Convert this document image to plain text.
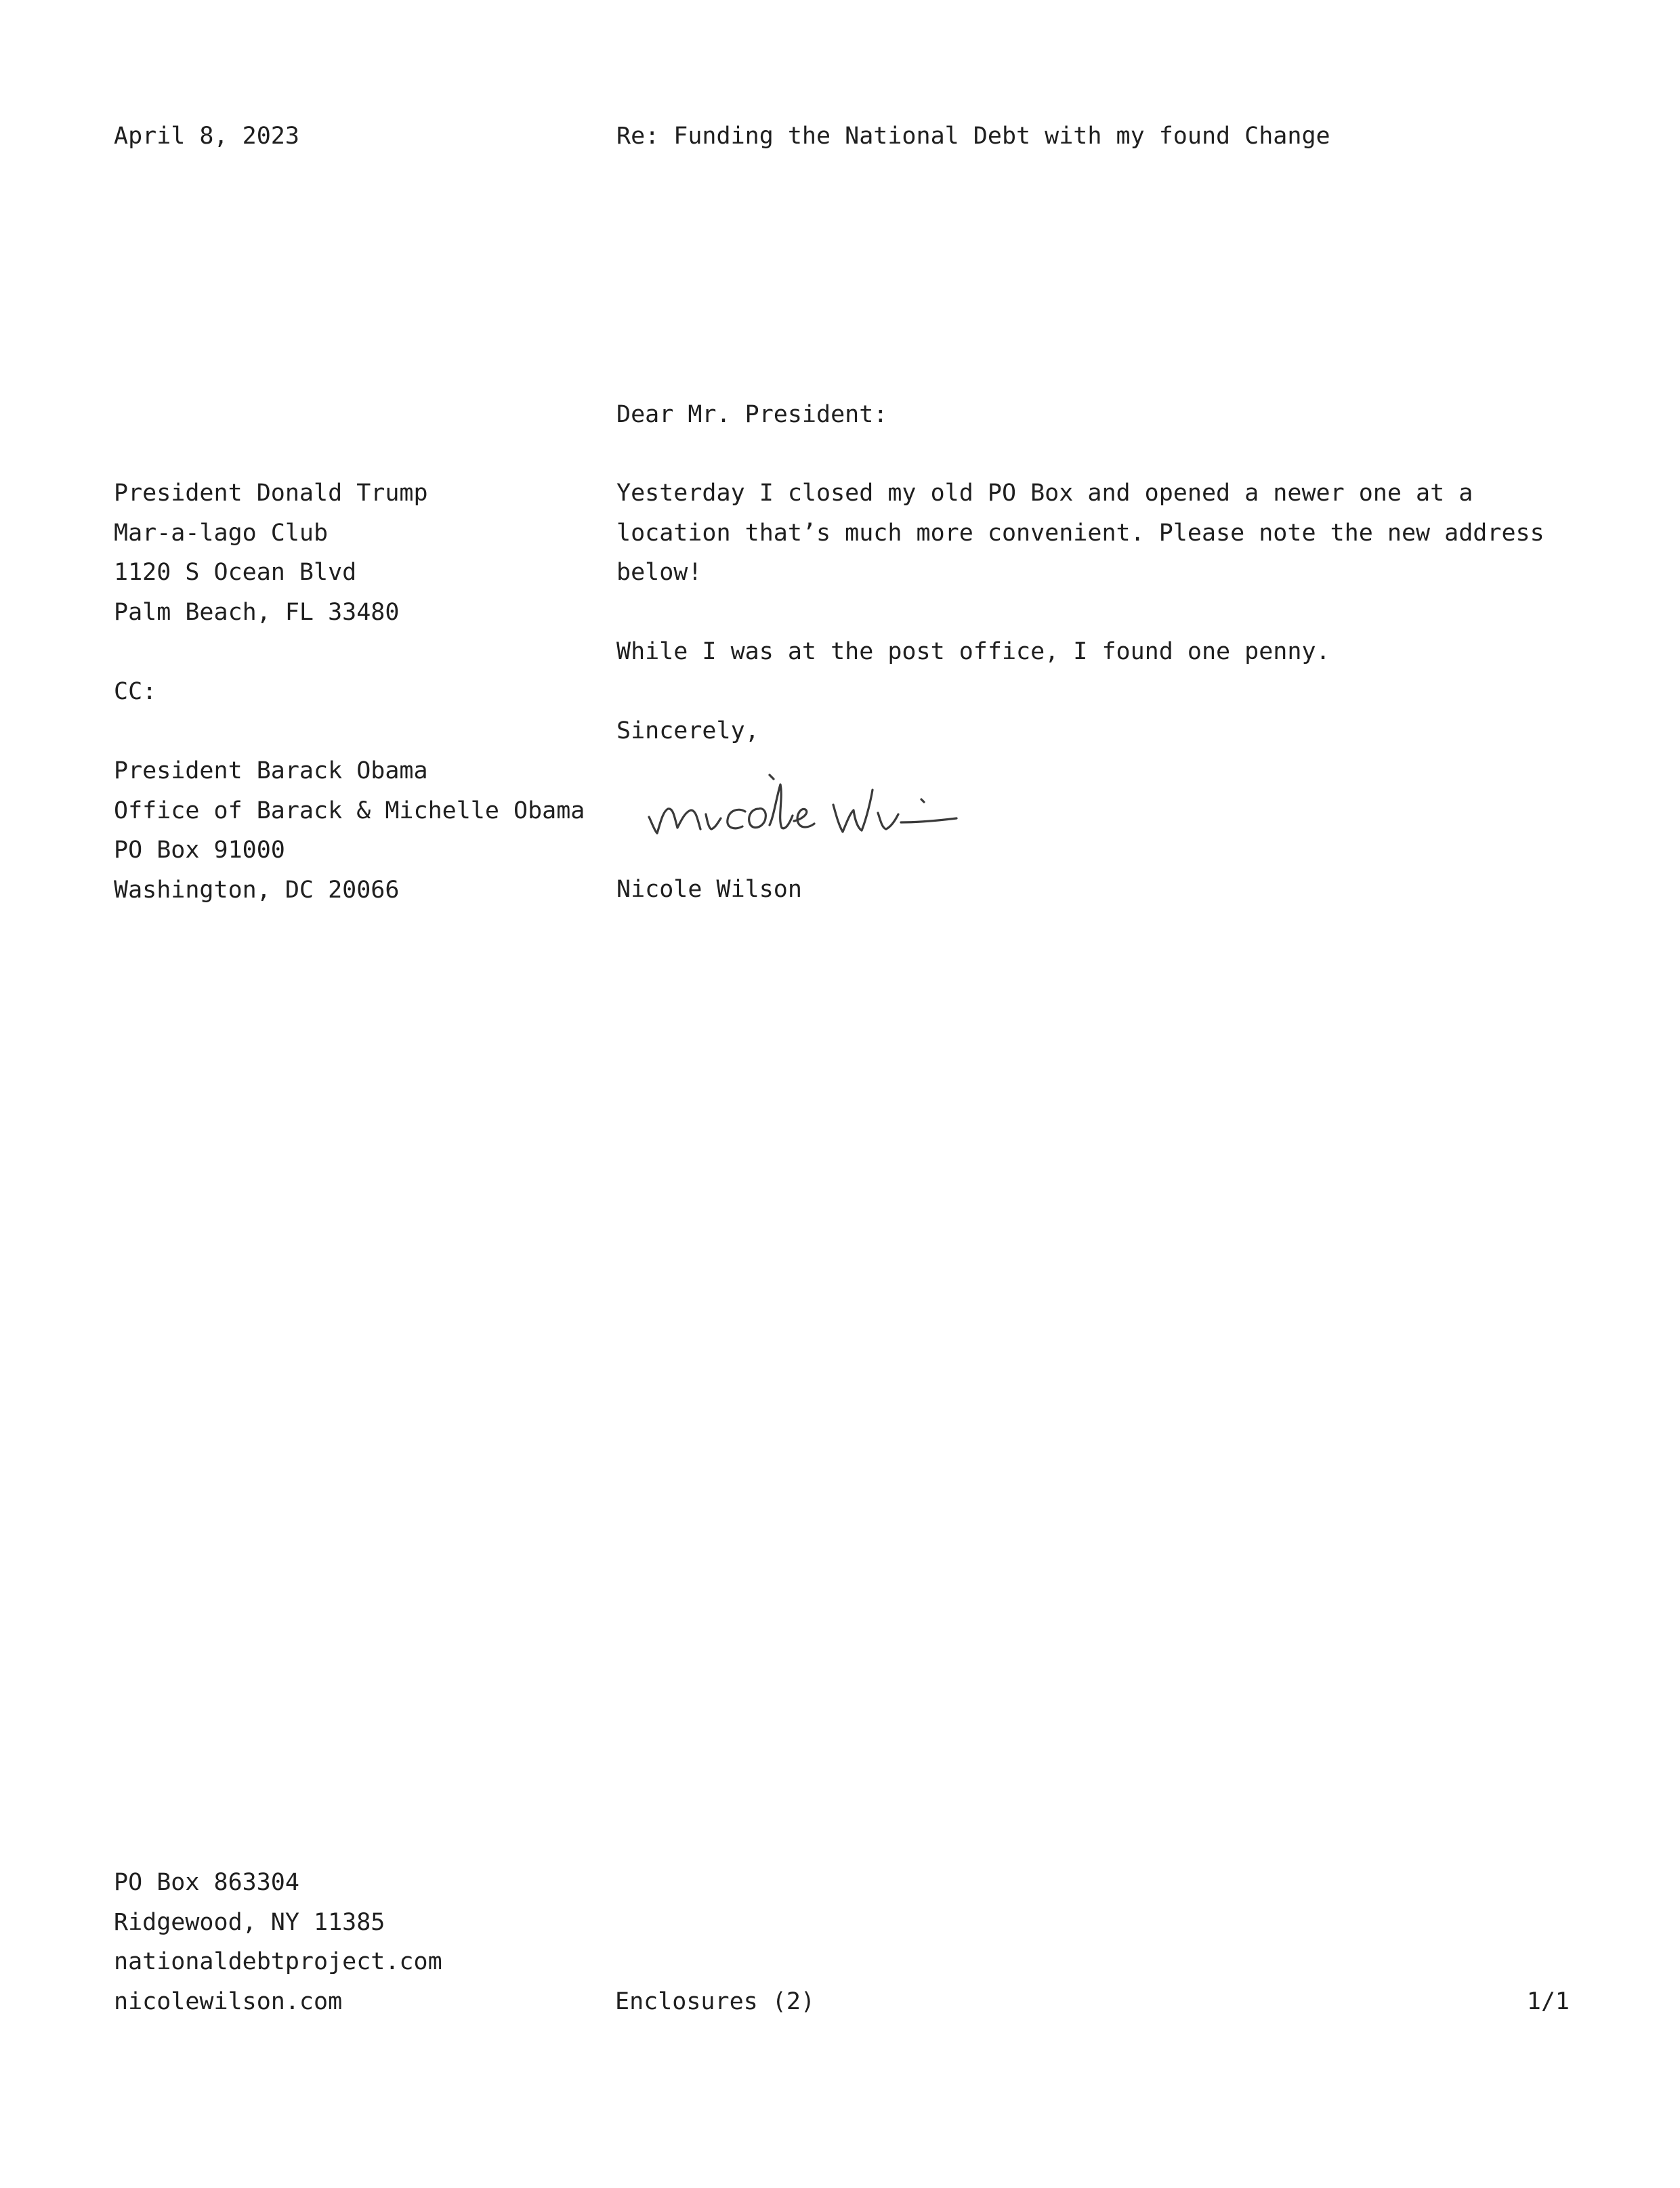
April 8, 2023	Re: Funding the National Debt with my found Change
Dear Mr. President:
President Donald Trump
Mar-a-lago Club
1120 S Ocean Blvd
Palm Beach, FL 33480
Yesterday I closed my old PO Box and opened a newer one at a
location that’s much more convenient. Please note the new address
below!
While I was at the post office, I found one penny.
CC:
Sincerely,
Nicole Wilson
President Barack Obama
Office of Barack & Michelle Obama
PO Box 91000
Washington, DC 20066
PO Box 863304
Ridgewood, NY 11385
nationaldebtproject.com
nicolewilson.com	Enclosures (2)	1/1
